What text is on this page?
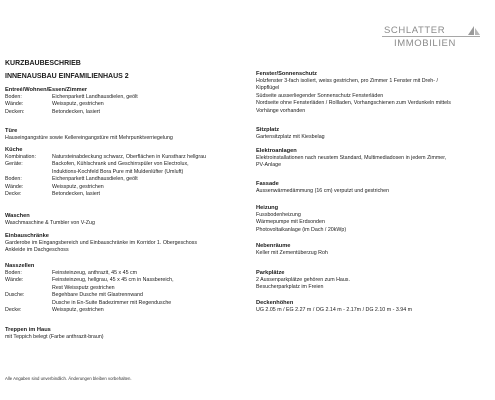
SCHLATTER
IMMOBILIEN
KURZBAUBESCHRIEB
INNENAUSBAU EINFAMILIENHAUS 2
Alle Angaben sind unverbindlich. Änderungen bleiben vorbehalten.
Entreé/Wohnen/Essen/Zimmer
Boden:	Eichenparkett Landhausdielen, geölt
Wände:	Weissputz, gestrichen
Decken:	Betondecken, lasiert
Türe

Hauseingangstüre sowie Kellereingangstüre mit Mehrpunktverriegelung

Küche
Kombination:	Natursteinabdeckung schwarz, Oberflächen in Kunstharz hellgrau
Geräte:	Backofen, Kühlschrank und Geschirrspüler von Electrolux,
Induktions-Kochfeld Bora Pure mit Muldenlüfter (Umluft)
Boden:	Eichenparkett Landhausdielen, geölt
Wände:	Weissputz, gestrichen
Decke:	Betondecken, lasiert
Waschen

Waschmaschine & Tumbler von V-Zug

Einbauschränke

Garderobe im Eingangsbereich und Einbauschränke im Korridor 1. Obergeschoss

Ankleide im Dachgeschoss

Nasszellen
Boden:	Feinsteinzeug, anthrazit, 45 x 45 cm
Wände:	Feinsteinzeug, hellgrau, 45 x 45 cm in Nassbereich,
Rest Weissputz gestrichen
Dusche:	Begehbare Dusche mit Glastrennwand
Dusche in En-Suite Badezimmer mit Regendusche
Decke:	Weissputz, gestrichen
Treppen im Haus

mit Teppich belegt (Farbe anthrazit-braun)

Fenster/Sonnenschutz

Holzfenster 3-fach isoliert, weiss gestrichen, pro Zimmer 1 Fenster mit Dreh- /

Kippflügel

Südseite ausserliegender Sonnenschutz Fensterläden

Nordseite ohne Fensterläden / Rollladen, Vorhangschienen zum Verdunkeln mittels

Vorhänge vorhanden

Sitzplatz

Gartensitzplatz mit Kiesbelag

Elektroanlagen

Elektroinstallationen nach neustem Standard, Multimediadosen in jedem Zimmer,

PV-Anlage

Fassade

Aussenwärmedämmung (16 cm) verputzt und gestrichen

Heizung

Fussbodenheizung

Wärmepumpe mit Erdsonden

Photovoltaikanlage (im Dach / 20kWp)

Nebenräume

Keller mit Zementüberzug Roh

Parkplätze

2 Aussenparkplätze gehören zum Haus.

Besucherparkplatz im Freien

Deckenhöhen

UG 2.05 m / EG 2.27 m / OG 2.14 m - 2.17m / DG 2.10 m - 3.94 m
